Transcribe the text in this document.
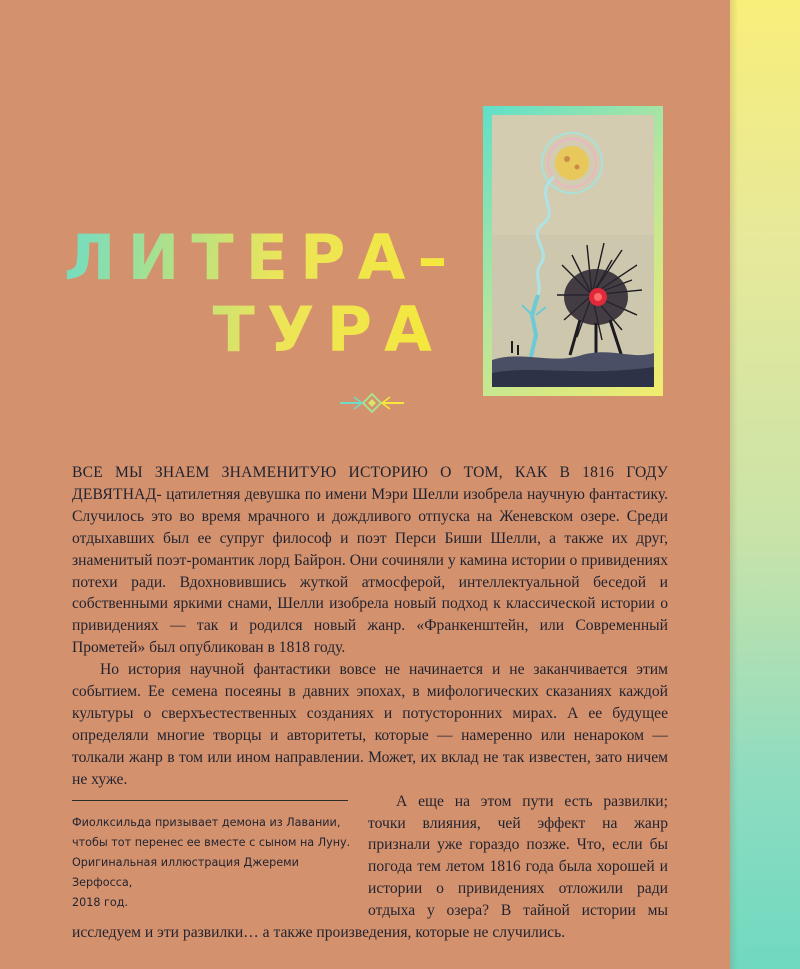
ЛИТЕРА–
ТУРА

ВСЕ МЫ ЗНАЕМ ЗНАМЕНИТУЮ ИСТОРИЮ О ТОМ, КАК В 1816 ГОДУ ДЕВЯТНАД- цатилетняя девушка по имени Мэри Шелли изобрела научную фантастику. Случилось это во время мрачного и дождливого отпуска на Женевском озере. Среди отдыхавших был ее супруг философ и поэт Перси Биши Шелли, а также их друг, знаменитый поэт-романтик лорд Байрон. Они сочиняли у камина истории о привидениях потехи ради. Вдохновившись жуткой атмосферой, интеллектуальной беседой и собственными яркими снами, Шелли изобрела новый подход к классической истории о привидениях — так и родился новый жанр. «Франкенштейн, или Современный Прометей» был опубликован в 1818 году.

Но история научной фантастики вовсе не начинается и не заканчивается этим событием. Ее семена посеяны в давних эпохах, в мифологических сказаниях каждой культуры о сверхъестественных созданиях и потусторонних мирах. А ее будущее определяли многие творцы и авторитеты, которые — намеренно или ненароком — толкали жанр в том или ином направлении. Может, их вклад не так известен, зато ничем не хуже.

А еще на этом пути есть развилки; точки влияния, чей эффект на жанр признали уже гораздо позже. Что, если бы погода тем летом 1816 года была хорошей и истории о привидениях отложили ради отдыха у озера? В тайной истории мы исследуем и эти развилки… а также произведения, которые не случились.

Фиолксильда призывает демона из Лавании,

чтобы тот перенес ее вместе с сыном на Луну.

Оригинальная иллюстрация Джереми Зерфосса,

2018 год.
